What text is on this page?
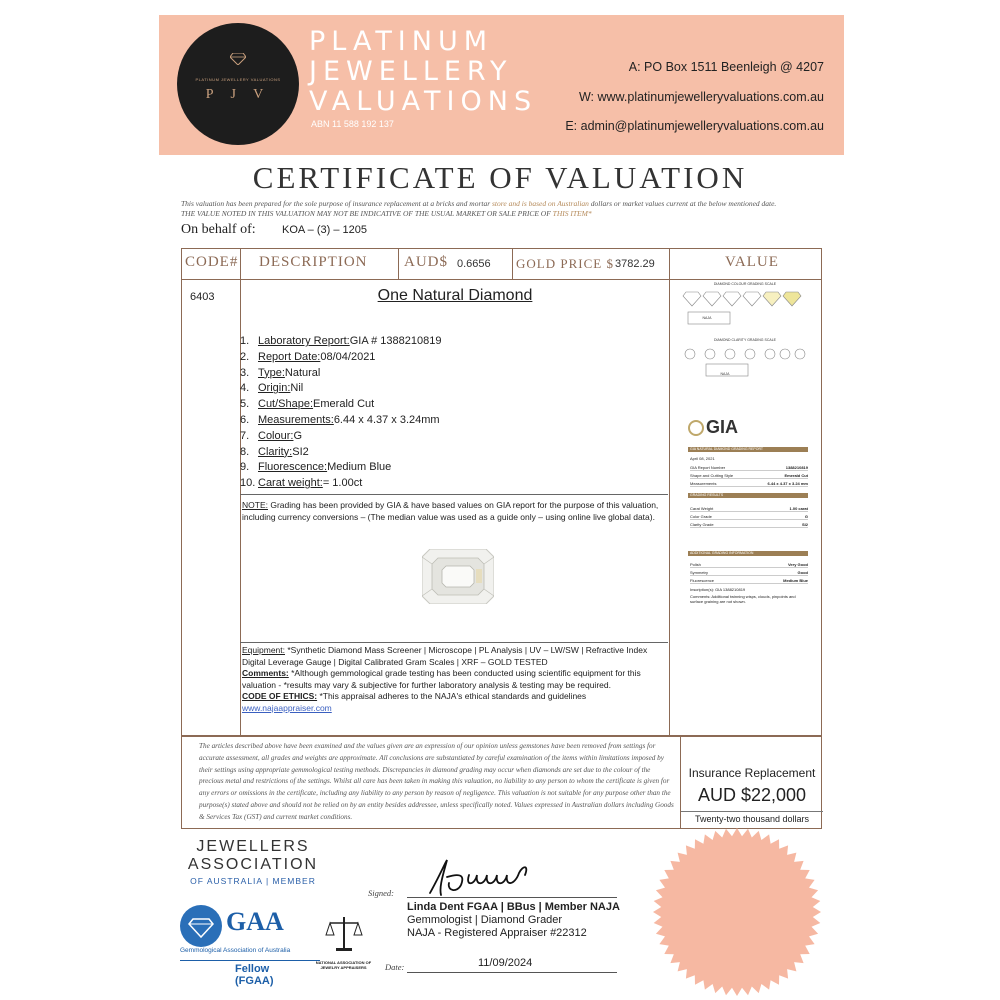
PLATINUM JEWELLERY VALUATIONS
P J V
PLATINUM
JEWELLERY
VALUATIONS
ABN 11 588 192 137
A: PO Box 1511 Beenleigh @ 4207
W: www.platinumjewelleryvaluations.com.au
E: admin@platinumjewelleryvaluations.com.au
CERTIFICATE OF VALUATION
This valuation has been prepared for the sole purpose of insurance replacement at a bricks and mortar store and is based on Australian dollars or market values current at the below mentioned date.
THE VALUE NOTED IN THIS VALUATION MAY NOT BE INDICATIVE OF THE USUAL MARKET OR SALE PRICE OF THIS ITEM*
On behalf of: KOA – (3) – 1205
CODE# DESCRIPTION AUD$ 0.6656 GOLD PRICE $ 3782.29	VALUE
6403	One Natural Diamond
1. Laboratory Report: GIA # 1388210819
2. Report Date: 08/04/2021
3. Type: Natural
4. Origin: Nil
5. Cut/Shape: Emerald Cut
6. Measurements: 6.44 x 4.37 x 3.24mm
7. Colour: G
8. Clarity: SI2
9. Fluorescence: Medium Blue
10. Carat weight: = 1.00ct
NOTE: Grading has been provided by GIA & have based values on GIA report for the purpose of this valuation, including currency conversions – (The median value was used as a guide only – using online live global data).
Equipment: *Synthetic Diamond Mass Screener | Microscope | PL Analysis | UV – LW/SW | Refractive Index Digital Leverage Gauge | Digital Calibrated Gram Scales | XRF – GOLD TESTED
Comments: *Although gemmological grade testing has been conducted using scientific equipment for this valuation - *results may vary & subjective for further laboratory analysis & testing may be required.
CODE OF ETHICS: *This appraisal adheres to the NAJA's ethical standards and guidelines
www.najaappraiser.com
DIAMOND COLOUR GRADING SCALE
NAJA
DIAMOND CLARITY GRADING SCALE
NAJA
GIA
GIA NATURAL DIAMOND GRADING REPORT
April 08, 2021
GIA Report Number	1388210819
Shape and Cutting Style	Emerald Cut
Measurements	6.44 x 4.37 x 3.24 mm
GRADING RESULTS
Carat Weight	1.00 carat
Color Grade	G
Clarity Grade	SI2
ADDITIONAL GRADING INFORMATION
Polish	Very Good
Symmetry	Good
Fluorescence	Medium Blue
Inscription(s): GIA 1388210819
Comments: Additional twinning wisps, clouds, pinpoints and surface graining are not shown.
The articles described above have been examined and the values given are an expression of our opinion unless gemstones have been removed from settings for accurate assessment, all grades and weights are approximate. All conclusions are substantiated by careful examination of the items within limitations imposed by their settings using appropriate gemmological testing methods. Discrepancies in diamond grading may occur when diamonds are set due to the colour of the precious metal and restrictions of the settings. Whilst all care has been taken in making this valuation, no liability to any person to whom the certificate is given for any errors or omissions in the certificate, including any liability to any person by reason of negligence. This valuation is not suitable for any purpose other than the purpose(s) stated above and should not be relied on by an entity besides addressee, unless specifically noted. Values expressed in Australian dollars including Goods & Services Tax (GST) and current market conditions.
Insurance Replacement
AUD $22,000
Twenty-two thousand dollars
JEWELLERS
ASSOCIATION
OF AUSTRALIA | MEMBER
GAA
Gemmological Association of Australia
Fellow (FGAA)
NATIONAL ASSOCIATION OF JEWELRY APPRAISERS
Signed:
Linda Dent FGAA | BBus | Member NAJA
Gemmologist | Diamond Grader
NAJA - Registered Appraiser #22312
Date:	11/09/2024
